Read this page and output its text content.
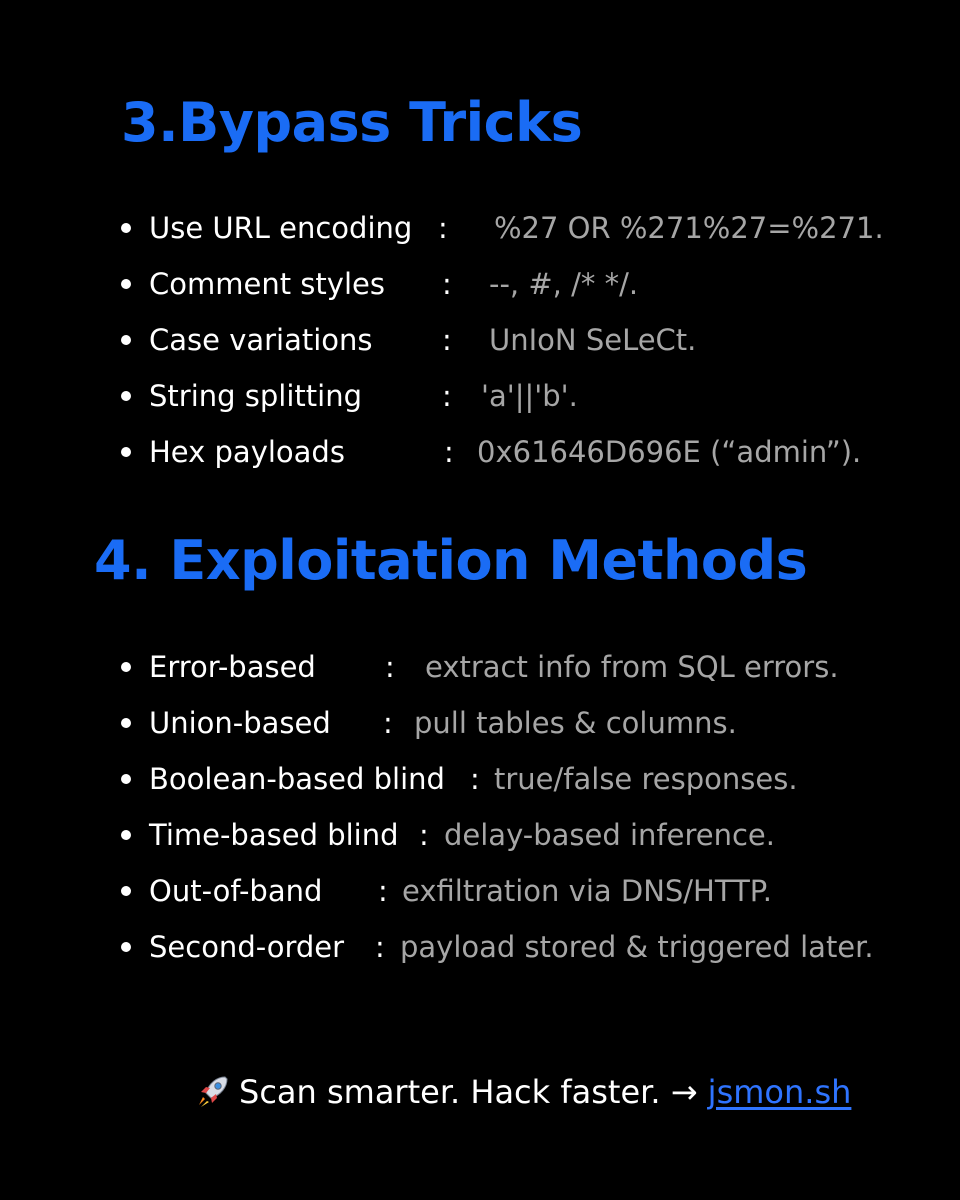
3.Bypass Tricks
Use URL encoding : %27 OR %271%27=%271.
Comment styles : --, #, /* */.
Case variations : UnIoN SeLeCt.
String splitting	: 'a'||'b'.
Hex payloads	: 0x61646D696E (“admin”).
4. Exploitation Methods
Error-based : extract info from SQL errors.
Union-based : pull tables & columns.
Boolean-based blind : true/false responses.
Time-based blind : delay-based inference.
Out-of-band : exfiltration via DNS/HTTP.
Second-order : payload stored & triggered later.
Scan smarter. Hack faster. → jsmon.sh
